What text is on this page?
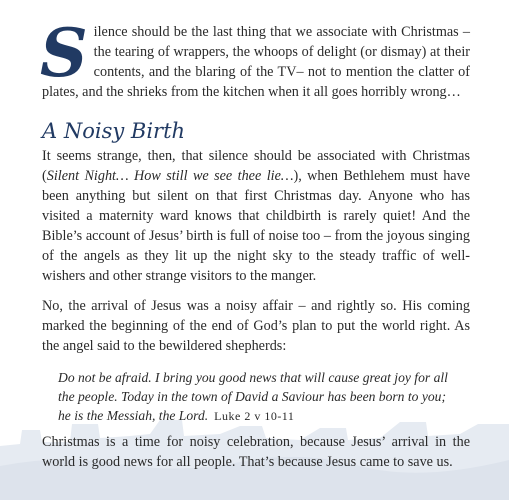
Silence should be the last thing that we associate with Christmas – the tearing of wrappers, the whoops of delight (or dismay) at their contents, and the blaring of the TV– not to mention the clatter of plates, and the shrieks from the kitchen when it all goes horribly wrong…

A Noisy Birth

It seems strange, then, that silence should be associated with Christmas (Silent Night… How still we see thee lie…), when Bethlehem must have been anything but silent on that first Christmas day. Anyone who has visited a maternity ward knows that childbirth is rarely quiet! And the Bible’s account of Jesus’ birth is full of noise too – from the joyous singing of the angels as they lit up the night sky to the steady traffic of well-wishers and other strange visitors to the manger.

No, the arrival of Jesus was a noisy affair – and rightly so. His coming marked the beginning of the end of God’s plan to put the world right. As the angel said to the bewildered shepherds:

Do not be afraid. I bring you good news that will cause great joy for all the people. Today in the town of David a Saviour has been born to you; he is the Messiah, the Lord. Luke 2 v 10-11

Christmas is a time for noisy celebration, because Jesus’ arrival in the world is good news for all people. That’s because Jesus came to save us.
